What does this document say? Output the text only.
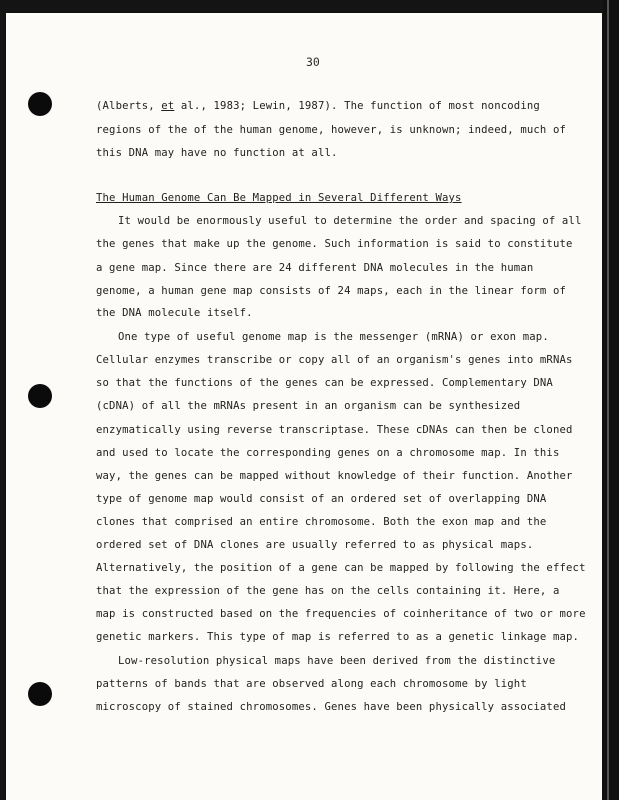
30
(Alberts, et al., 1983; Lewin, 1987). The function of most noncoding
regions of the of the human genome, however, is unknown; indeed, much of
this DNA may have no function at all.
The Human Genome Can Be Mapped in Several Different Ways
It would be enormously useful to determine the order and spacing of all
the genes that make up the genome. Such information is said to constitute
a gene map. Since there are 24 different DNA molecules in the human
genome, a human gene map consists of 24 maps, each in the linear form of
the DNA molecule itself.
One type of useful genome map is the messenger (mRNA) or exon map.
Cellular enzymes transcribe or copy all of an organism's genes into mRNAs
so that the functions of the genes can be expressed. Complementary DNA
(cDNA) of all the mRNAs present in an organism can be synthesized
enzymatically using reverse transcriptase. These cDNAs can then be cloned
and used to locate the corresponding genes on a chromosome map. In this
way, the genes can be mapped without knowledge of their function. Another
type of genome map would consist of an ordered set of overlapping DNA
clones that comprised an entire chromosome. Both the exon map and the
ordered set of DNA clones are usually referred to as physical maps.
Alternatively, the position of a gene can be mapped by following the effect
that the expression of the gene has on the cells containing it. Here, a
map is constructed based on the frequencies of coinheritance of two or more
genetic markers. This type of map is referred to as a genetic linkage map.
Low-resolution physical maps have been derived from the distinctive
patterns of bands that are observed along each chromosome by light
microscopy of stained chromosomes. Genes have been physically associated
